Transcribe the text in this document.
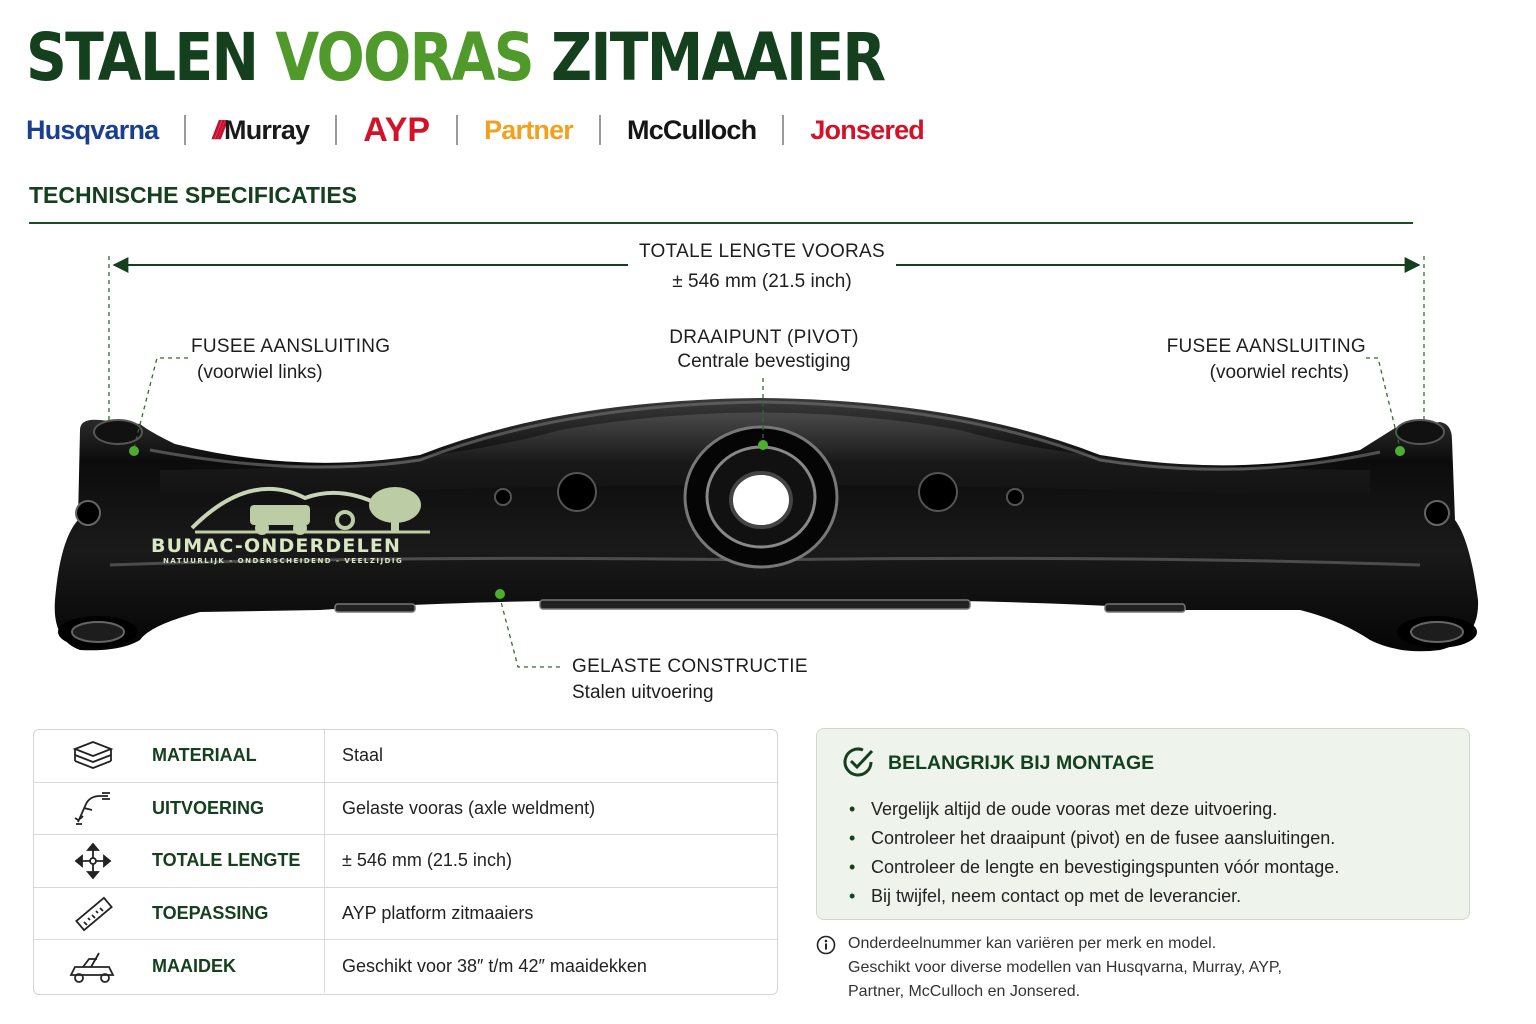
STALEN VOORAS ZITMAAIER
Husqvarna /// Murray AYP Partner McCulloch Jonsered
TECHNISCHE SPECIFICATIES
TOTALE LENGTE VOORAS
± 546 mm (21.5 inch)
FUSEE AANSLUITING
(voorwiel links)
DRAAIPUNT (PIVOT)
Centrale bevestiging
FUSEE AANSLUITING
(voorwiel rechts)
GELASTE CONSTRUCTIE
Stalen uitvoering
BUMAC-ONDERDELEN
NATUURLIJK - ONDERSCHEIDEND - VEELZIJDIG
MATERIAAL	Staal
UITVOERING	Gelaste vooras (axle weldment)
TOTALE LENGTE	± 546 mm (21.5 inch)
TOEPASSING	AYP platform zitmaaiers
MAAIDEK	Geschikt voor 38″ t/m 42″ maaidekken
BELANGRIJK BIJ MONTAGE
• Vergelijk altijd de oude vooras met deze uitvoering.
• Controleer het draaipunt (pivot) en de fusee aansluitingen.
• Controleer de lengte en bevestigingspunten vóór montage.
• Bij twijfel, neem contact op met de leverancier.
Onderdeelnummer kan variëren per merk en model.
Geschikt voor diverse modellen van Husqvarna, Murray, AYP,
Partner, McCulloch en Jonsered.
